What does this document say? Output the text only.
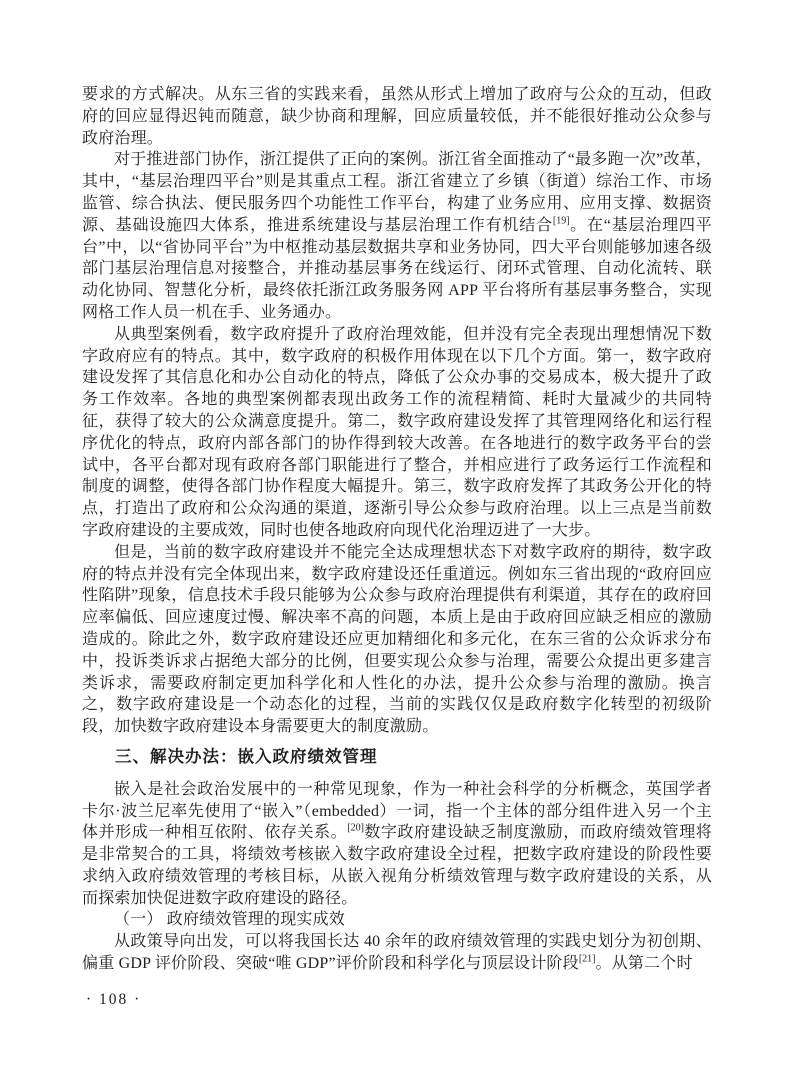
要求的方式解决。从东三省的实践来看，虽然从形式上增加了政府与公众的互动，但政府的回应显得迟钝而随意，缺少协商和理解，回应质量较低，并不能很好推动公众参与政府治理。

对于推进部门协作，浙江提供了正向的案例。浙江省全面推动了“最多跑一次”改革，其中，“基层治理四平台”则是其重点工程。浙江省建立了乡镇（街道）综治工作、市场监管、综合执法、便民服务四个功能性工作平台，构建了业务应用、应用支撑、数据资源、基础设施四大体系，推进系统建设与基层治理工作有机结合[19]。在“基层治理四平台”中，以“省协同平台”为中枢推动基层数据共享和业务协同，四大平台则能够加速各级部门基层治理信息对接整合，并推动基层事务在线运行、闭环式管理、自动化流转、联动化协同、智慧化分析，最终依托浙江政务服务网 APP 平台将所有基层事务整合，实现网格工作人员一机在手、业务通办。

从典型案例看，数字政府提升了政府治理效能，但并没有完全表现出理想情况下数字政府应有的特点。其中，数字政府的积极作用体现在以下几个方面。第一，数字政府建设发挥了其信息化和办公自动化的特点，降低了公众办事的交易成本，极大提升了政务工作效率。各地的典型案例都表现出政务工作的流程精简、耗时大量减少的共同特征，获得了较大的公众满意度提升。第二，数字政府建设发挥了其管理网络化和运行程序优化的特点，政府内部各部门的协作得到较大改善。在各地进行的数字政务平台的尝试中，各平台都对现有政府各部门职能进行了整合，并相应进行了政务运行工作流程和制度的调整，使得各部门协作程度大幅提升。第三，数字政府发挥了其政务公开化的特点，打造出了政府和公众沟通的渠道，逐渐引导公众参与政府治理。以上三点是当前数字政府建设的主要成效，同时也使各地政府向现代化治理迈进了一大步。

但是，当前的数字政府建设并不能完全达成理想状态下对数字政府的期待，数字政府的特点并没有完全体现出来，数字政府建设还任重道远。例如东三省出现的“政府回应性陷阱”现象，信息技术手段只能够为公众参与政府治理提供有利渠道，其存在的政府回应率偏低、回应速度过慢、解决率不高的问题，本质上是由于政府回应缺乏相应的激励造成的。除此之外，数字政府建设还应更加精细化和多元化，在东三省的公众诉求分布中，投诉类诉求占据绝大部分的比例，但要实现公众参与治理，需要公众提出更多建言类诉求，需要政府制定更加科学化和人性化的办法，提升公众参与治理的激励。换言之，数字政府建设是一个动态化的过程，当前的实践仅仅是政府数字化转型的初级阶段，加快数字政府建设本身需要更大的制度激励。

三、解决办法：嵌入政府绩效管理

嵌入是社会政治发展中的一种常见现象，作为一种社会科学的分析概念，英国学者卡尔·波兰尼率先使用了“嵌入”（embedded）一词，指一个主体的部分组件进入另一个主体并形成一种相互依附、依存关系。[20]数字政府建设缺乏制度激励，而政府绩效管理将是非常契合的工具，将绩效考核嵌入数字政府建设全过程，把数字政府建设的阶段性要求纳入政府绩效管理的考核目标，从嵌入视角分析绩效管理与数字政府建设的关系，从而探索加快促进数字政府建设的路径。

（一） 政府绩效管理的现实成效

从政策导向出发，可以将我国长达 40 余年的政府绩效管理的实践史划分为初创期、偏重 GDP 评价阶段、突破“唯 GDP”评价阶段和科学化与顶层设计阶段[21]。从第二个时

· 108 ·
